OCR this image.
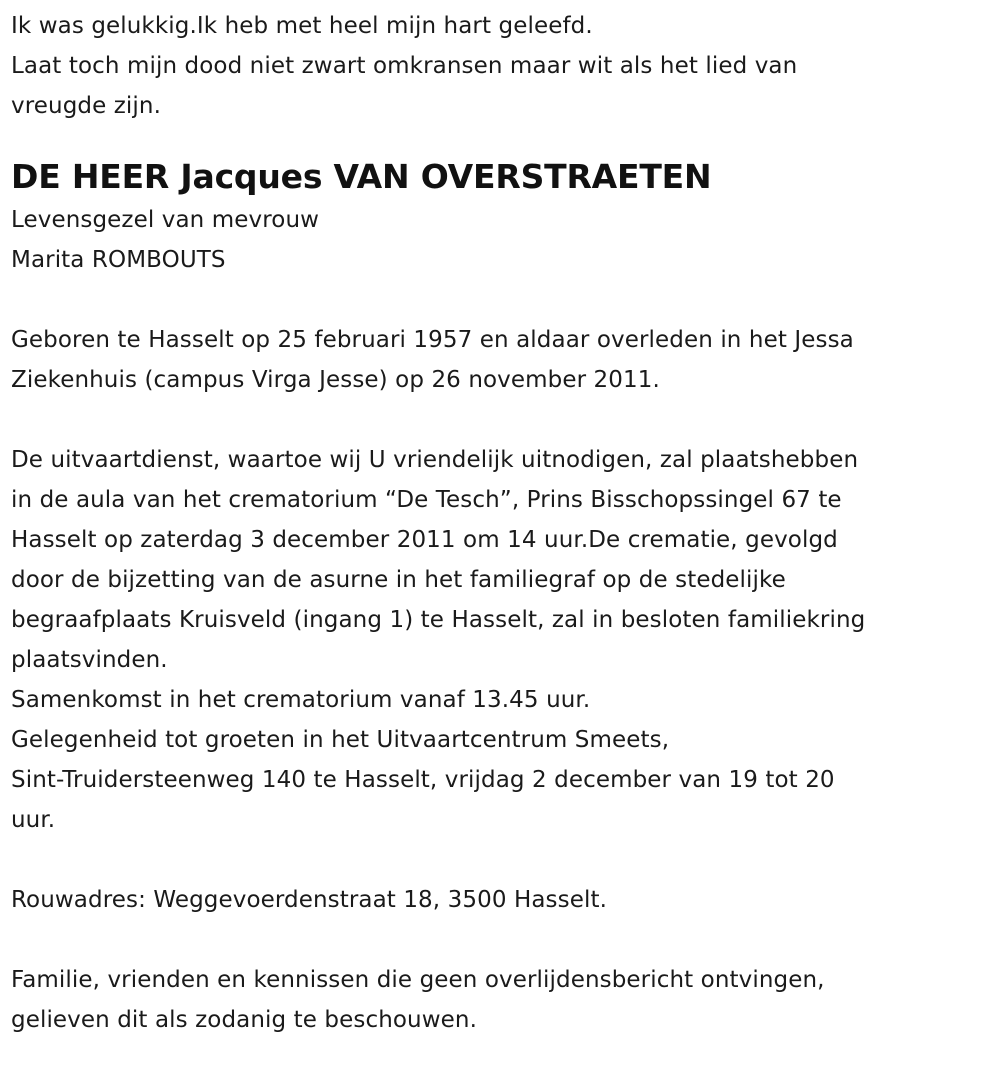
Ik was gelukkig.Ik heb met heel mijn hart geleefd.
Laat toch mijn dood niet zwart omkransen maar wit als het lied van
vreugde zijn.

DE HEER Jacques VAN OVERSTRAETEN

Levensgezel van mevrouw
Marita ROMBOUTS

Geboren te Hasselt op 25 februari 1957 en aldaar overleden in het Jessa
Ziekenhuis (campus Virga Jesse) op 26 november 2011.

De uitvaartdienst, waartoe wij U vriendelijk uitnodigen, zal plaatshebben
in de aula van het crematorium “De Tesch”, Prins Bisschopssingel 67 te
Hasselt op zaterdag 3 december 2011 om 14 uur.De crematie, gevolgd
door de bijzetting van de asurne in het familiegraf op de stedelijke
begraafplaats Kruisveld (ingang 1) te Hasselt, zal in besloten familiekring
plaatsvinden.
Samenkomst in het crematorium vanaf 13.45 uur.
Gelegenheid tot groeten in het Uitvaartcentrum Smeets,
Sint-Truidersteenweg 140 te Hasselt, vrijdag 2 december van 19 tot 20
uur.

Rouwadres: Weggevoerdenstraat 18, 3500 Hasselt.

Familie, vrienden en kennissen die geen overlijdensbericht ontvingen,
gelieven dit als zodanig te beschouwen.
